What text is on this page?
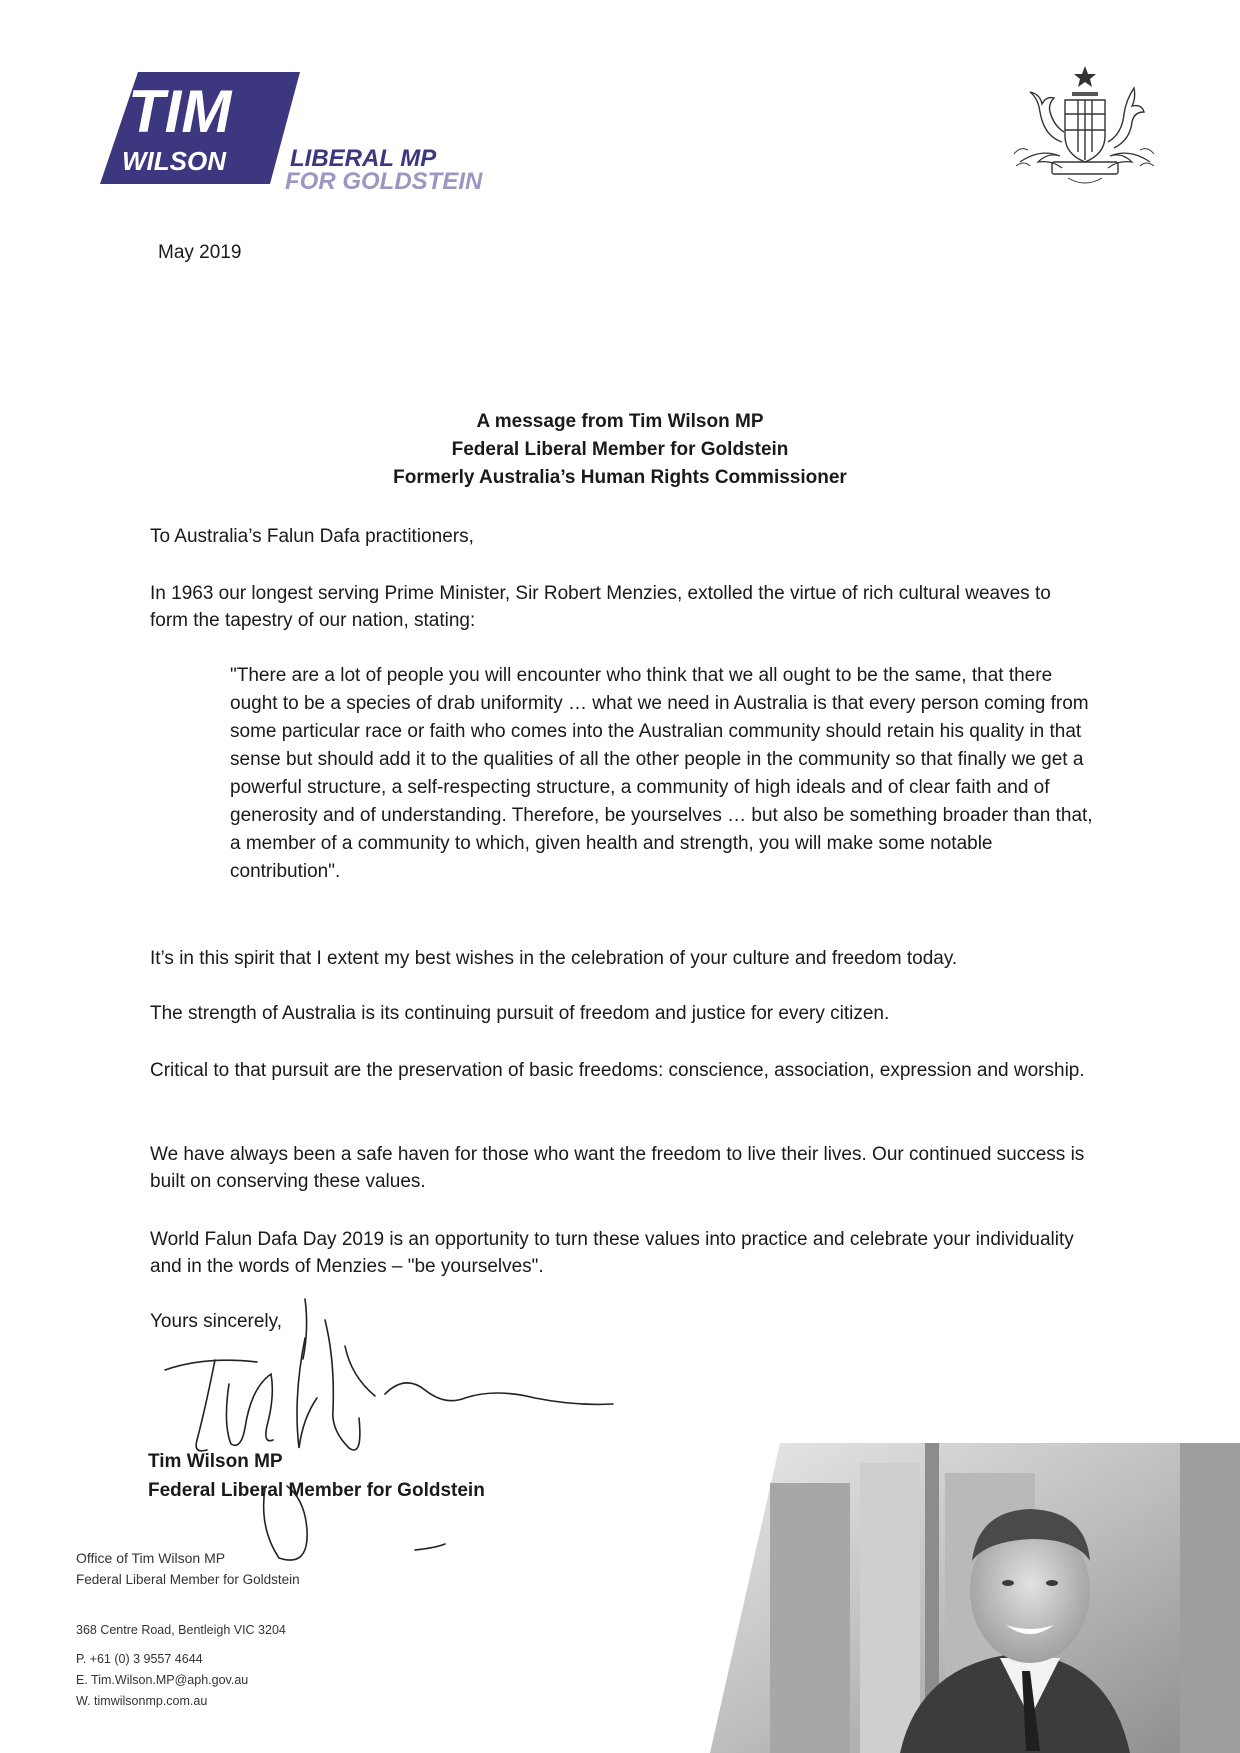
TIM
WILSON	LIBERAL MP
FOR GOLDSTEIN
May 2019
A message from Tim Wilson MP
Federal Liberal Member for Goldstein
Formerly Australia’s Human Rights Commissioner
To Australia’s Falun Dafa practitioners,
In 1963 our longest serving Prime Minister, Sir Robert Menzies, extolled the virtue of rich cultural weaves to form the tapestry of our nation, stating:
"There are a lot of people you will encounter who think that we all ought to be the same, that there ought to be a species of drab uniformity … what we need in Australia is that every person coming from some particular race or faith who comes into the Australian community should retain his quality in that sense but should add it to the qualities of all the other people in the community so that finally we get a powerful structure, a self-respecting structure, a community of high ideals and of clear faith and of generosity and of understanding. Therefore, be yourselves … but also be something broader than that, a member of a community to which, given health and strength, you will make some notable contribution".
It’s in this spirit that I extent my best wishes in the celebration of your culture and freedom today.
The strength of Australia is its continuing pursuit of freedom and justice for every citizen.
Critical to that pursuit are the preservation of basic freedoms: conscience, association, expression and worship.
We have always been a safe haven for those who want the freedom to live their lives. Our continued success is built on conserving these values.
World Falun Dafa Day 2019 is an opportunity to turn these values into practice and celebrate your individuality and in the words of Menzies – "be yourselves".
Yours sincerely,
Tim Wilson MP
Federal Liberal Member for Goldstein
Office of Tim Wilson MP
Federal Liberal Member for Goldstein
368 Centre Road, Bentleigh VIC 3204
P. +61 (0) 3 9557 4644
E. Tim.Wilson.MP@aph.gov.au
W. timwilsonmp.com.au
